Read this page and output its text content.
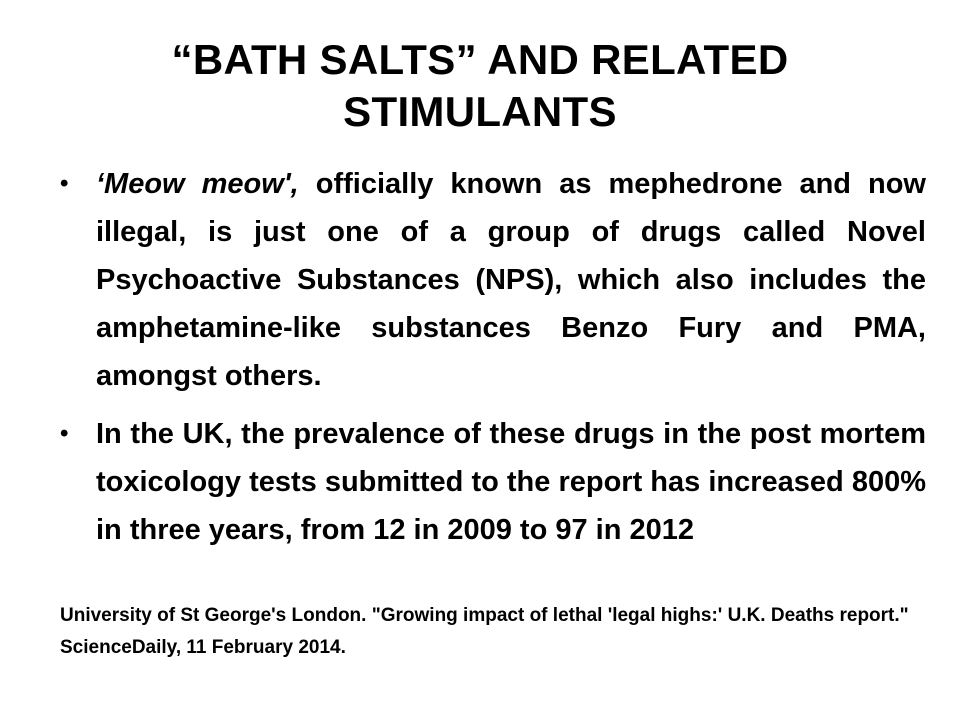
“BATH SALTS” AND RELATED
STIMULANTS
• ‘Meow meow', officially known as mephedrone and now illegal, is just one of a group of drugs called Novel Psychoactive Substances (NPS), which also includes the amphetamine-like substances Benzo Fury and PMA, amongst others.
• In the UK, the prevalence of these drugs in the post mortem toxicology tests submitted to the report has increased 800% in three years, from 12 in 2009 to 97 in 2012
University of St George's London. "Growing impact of lethal 'legal highs:' U.K. Deaths report." ScienceDaily, 11 February 2014.
